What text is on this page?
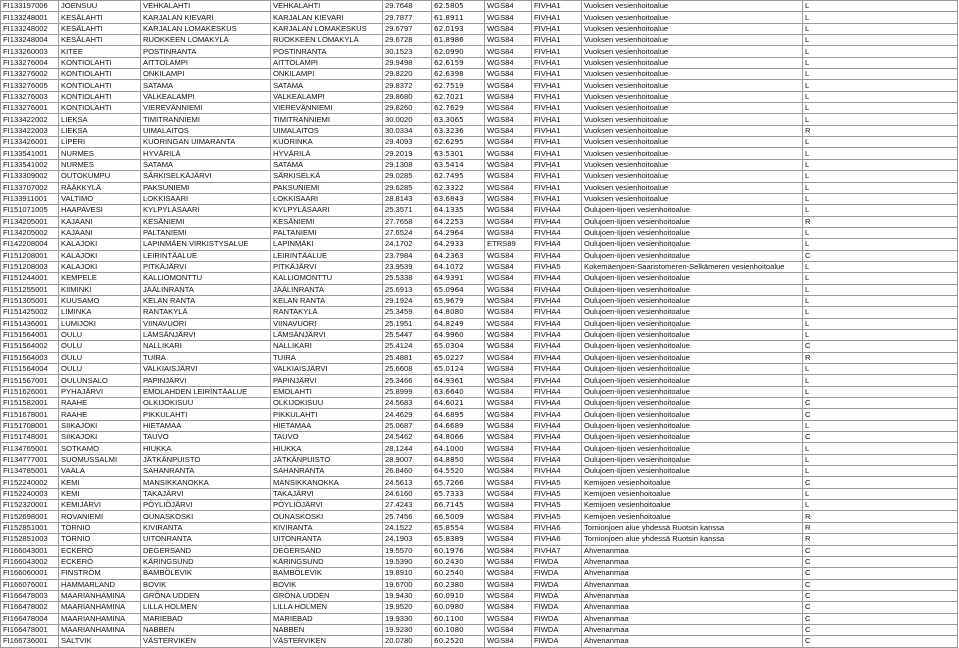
FI133197006	JOENSUU	VEHKALAHTI	VEHKALAHTI	29.7648	62.5805	WGS84	FIVHA1	Vuoksen vesienhoitoalue	L
FI133248001	KESÄLAHTI	KARJALAN KIEVARI	KARJALAN KIEVARI	29.7877	61.8911	WGS84	FIVHA1	Vuoksen vesienhoitoalue	L
FI133248002	KESÄLAHTI	KARJALAN LOMAKESKUS	KARJALAN LOMAKESKUS	29.6797	62.0193	WGS84	FIVHA1	Vuoksen vesienhoitoalue	L
FI133248004	KESÄLAHTI	RUOKKEEN LOMAKYLÄ	RUOKKEEN LOMAKYLÄ	29.6728	61.8986	WGS84	FIVHA1	Vuoksen vesienhoitoalue	L
FI133260003	KITEE	POSTINRANTA	POSTINRANTA	30.1523	62.0990	WGS84	FIVHA1	Vuoksen vesienhoitoalue	L
FI133276004	KONTIOLAHTI	AITTOLAMPI	AITTOLAMPI	29.9498	62.6159	WGS84	FIVHA1	Vuoksen vesienhoitoalue	L
FI133276002	KONTIOLAHTI	ONKILAMPI	ONKILAMPI	29.8220	62.6398	WGS84	FIVHA1	Vuoksen vesienhoitoalue	L
FI133276005	KONTIOLAHTI	SATAMA	SATAMA	29.8372	62.7519	WGS84	FIVHA1	Vuoksen vesienhoitoalue	L
FI133276003	KONTIOLAHTI	VALKEALAMPI	VALKEALAMPI	29.8680	62.7021	WGS84	FIVHA1	Vuoksen vesienhoitoalue	L
FI133276001	KONTIOLAHTI	VIEREVÄNNIEMI	VIEREVÄNNIEMI	29.8260	62.7629	WGS84	FIVHA1	Vuoksen vesienhoitoalue	L
FI133422002	LIEKSA	TIMITRANNIEMI	TIMITRANNIEMI	30.0020	63.3065	WGS84	FIVHA1	Vuoksen vesienhoitoalue	L
FI133422003	LIEKSA	UIMALAITOS	UIMALAITOS	30.0334	63.3236	WGS84	FIVHA1	Vuoksen vesienhoitoalue	R
FI133426001	LIPERI	KUORINGAN UIMARANTA	KUORINKA	29.4093	62.6295	WGS84	FIVHA1	Vuoksen vesienhoitoalue	L
FI133541001	NURMES	HYVÄRILÄ	HYVÄRILÄ	29.2019	63.5301	WGS84	FIVHA1	Vuoksen vesienhoitoalue	L
FI133541002	NURMES	SATAMA	SATAMA	29.1308	63.5414	WGS84	FIVHA1	Vuoksen vesienhoitoalue	L
FI133309002	OUTOKUMPU	SÄRKISELKÄJÄRVI	SÄRKISELKÄ	29.0285	62.7495	WGS84	FIVHA1	Vuoksen vesienhoitoalue	L
FI133707002	RÄÄKKYLÄ	PAKSUNIEMI	PAKSUNIEMI	29.6285	62.3322	WGS84	FIVHA1	Vuoksen vesienhoitoalue	L
FI133911001	VALTIMO	LOKKISAARI	LOKKISAARI	28.8143	63.6843	WGS84	FIVHA1	Vuoksen vesienhoitoalue	L
FI151071005	HAAPAVESI	KYLPYLÄSAARI	KYLPYLÄSAARI	25.3571	64.1335	WGS84	FIVHA4	Oulujoen-Iijoen vesienhoitoalue	L
FI134205001	KAJAANI	KESÄNIEMI	KESÄNIEMI	27.7658	64.2253	WGS84	FIVHA4	Oulujoen-Iijoen vesienhoitoalue	R
FI134205002	KAJAANI	PALTANIEMI	PALTANIEMI	27.6524	64.2964	WGS84	FIVHA4	Oulujoen-Iijoen vesienhoitoalue	L
FI142208004	KALAJOKI	LAPINMÄEN VIRKISTYSALUE	LAPINMÄKI	24.1702	64.2933	ETRS89	FIVHA4	Oulujoen-Iijoen vesienhoitoalue	L
FI151208001	KALAJOKI	LEIRINTÄALUE	LEIRINTÄALUE	23.7984	64.2363	WGS84	FIVHA4	Oulujoen-Iijoen vesienhoitoalue	C
FI151208003	KALAJOKI	PITKÄJÄRVI	PITKÄJÄRVI	23.9539	64.1072	WGS84	FIVHA5	Kokemäenjoen-Saaristomeren-Selkämeren vesienhoitoalue	L
FI151244001	KEMPELE	KALLIOMONTTU	KALLIOMONTTU	25.5338	64.9391	WGS84	FIVHA4	Oulujoen-Iijoen vesienhoitoalue	L
FI151255001	KIIMINKI	JÄÄLINRANTA	JÄÄLINRANTA	25.6913	65.0964	WGS84	FIVHA4	Oulujoen-Iijoen vesienhoitoalue	L
FI151305001	KUUSAMO	KELAN RANTA	KELAN RANTA	29.1924	65.9679	WGS84	FIVHA4	Oulujoen-Iijoen vesienhoitoalue	L
FI151425002	LIMINKA	RANTAKYLÄ	RANTAKYLÄ	25.3459	64.8080	WGS84	FIVHA4	Oulujoen-Iijoen vesienhoitoalue	L
FI151436001	LUMIJOKI	VIINAVUORI	VIINAVUORI	25.1951	64.8249	WGS84	FIVHA4	Oulujoen-Iijoen vesienhoitoalue	L
FI151564001	OULU	LÄMSÄNJÄRVI	LÄMSÄNJÄRVI	25.5447	64.9960	WGS84	FIVHA4	Oulujoen-Iijoen vesienhoitoalue	L
FI151564002	OULU	NALLIKARI	NALLIKARI	25.4124	65.0304	WGS84	FIVHA4	Oulujoen-Iijoen vesienhoitoalue	C
FI151564003	OULU	TUIRA	TUIRA	25.4881	65.0227	WGS84	FIVHA4	Oulujoen-Iijoen vesienhoitoalue	R
FI151564004	OULU	VALKIAISJÄRVI	VALKIAISJÄRVI	25.6608	65.0124	WGS84	FIVHA4	Oulujoen-Iijoen vesienhoitoalue	L
FI151567001	OULUNSALO	PAPINJÄRVI	PAPINJÄRVI	25.3466	64.9361	WGS84	FIVHA4	Oulujoen-Iijoen vesienhoitoalue	L
FI151626001	PYHAJÄRVI	EMOLAHDEN LEIRINTÄALUE	EMOLAHTI	25.8999	63.6640	WGS84	FIVHA4	Oulujoen-Iijoen vesienhoitoalue	L
FI151582001	RAAHE	OLKIJOKISUU	OLKIJOKISUU	24.5683	64.6021	WGS84	FIVHA4	Oulujoen-Iijoen vesienhoitoalue	C
FI151678001	RAAHE	PIKKULAHTI	PIKKULAHTI	24.4629	64.6895	WGS84	FIVHA4	Oulujoen-Iijoen vesienhoitoalue	C
FI151708001	SIIKAJOKI	HIETAMAA	HIETAMAA	25.0687	64.6689	WGS84	FIVHA4	Oulujoen-Iijoen vesienhoitoalue	L
FI151748001	SIIKAJOKI	TAUVO	TAUVO	24.5462	64.8066	WGS84	FIVHA4	Oulujoen-Iijoen vesienhoitoalue	C
FI134765001	SOTKAMO	HIUKKA	HIUKKA	28.1244	64.1000	WGS84	FIVHA4	Oulujoen-Iijoen vesienhoitoalue	L
FI134777001	SUOMUSSALMI	JÄTKÄNPUISTO	JÄTKÄNPUISTO	28.9007	64.8850	WGS84	FIVHA4	Oulujoen-Iijoen vesienhoitoalue	L
FI134785001	VAALA	SAHANRANTA	SAHANRANTA	26.8460	64.5520	WGS84	FIVHA4	Oulujoen-Iijoen vesienhoitoalue	L
FI152240002	KEMI	MANSIKKANOKKA	MANSIKKANOKKA	24.5613	65.7266	WGS84	FIVHA5	Kemijoen vesienhoitoalue	C
FI152240003	KEMI	TAKAJÄRVI	TAKAJÄRVI	24.6160	65.7333	WGS84	FIVHA5	Kemijoen vesienhoitoalue	L
FI152320001	KEMIJÄRVI	PÖYLIÖJÄRVI	PÖYLIÖJÄRVI	27.4243	66.7145	WGS84	FIVHA5	Kemijoen vesienhoitoalue	L
FI152698001	ROVANIEMI	OUNASKOSKI	OUNASKOSKI	25.7456	66.5009	WGS84	FIVHA5	Kemijoen vesienhoitoalue	R
FI152851001	TORNIO	KIVIRANTA	KIVIRANTA	24.1522	65.8554	WGS84	FIVHA6	Tornionjoen alue yhdessä Ruotsin kanssa	R
FI152851003	TORNIO	UITONRANTA	UITONRANTA	24.1903	65.8389	WGS84	FIVHA6	Tornionjoen alue yhdessä Ruotsin kanssa	R
FI166043001	ECKERÖ	DEGERSAND	DEGERSAND	19.5570	60.1976	WGS84	FIVHA7	Ahvenanmaa	C
FI166043002	ECKERÖ	KÄRINGSUND	KÄRINGSUND	19.5390	60.2430	WGS84	FIWDA	Ahvenanmaa	C
FI166060001	FINSTRÖM	BAMBÖLEVIK	BAMBÖLEVIK	19.8910	60.2540	WGS84	FIWDA	Ahvenanmaa	C
FI166076001	HAMMARLAND	BOVIK	BOVIK	19.6700	60.2380	WGS84	FIWDA	Ahvenanmaa	C
FI166478003	MAARIANHAMINA	GRÖNA UDDEN	GRÖNA UDDEN	19.9430	60.0910	WGS84	FIWDA	Ahvenanmaa	C
FI166478002	MAARIANHAMINA	LILLA HOLMEN	LILLA HOLMEN	19.9520	60.0980	WGS84	FIWDA	Ahvenanmaa	C
FI166478004	MAARIANHAMINA	MARIEBAD	MARIEBAD	19.9330	60.1100	WGS84	FIWDA	Ahvenanmaa	C
FI166478001	MAARIANHAMINA	NABBEN	NABBEN	19.9230	60.1080	WGS84	FIWDA	Ahvenanmaa	C
FI166736001	SALTVIK	VÄSTERVIKEN	VÄSTERVIKEN	20.0780	60.2520	WGS84	FIWDA	Ahvenanmaa	C
